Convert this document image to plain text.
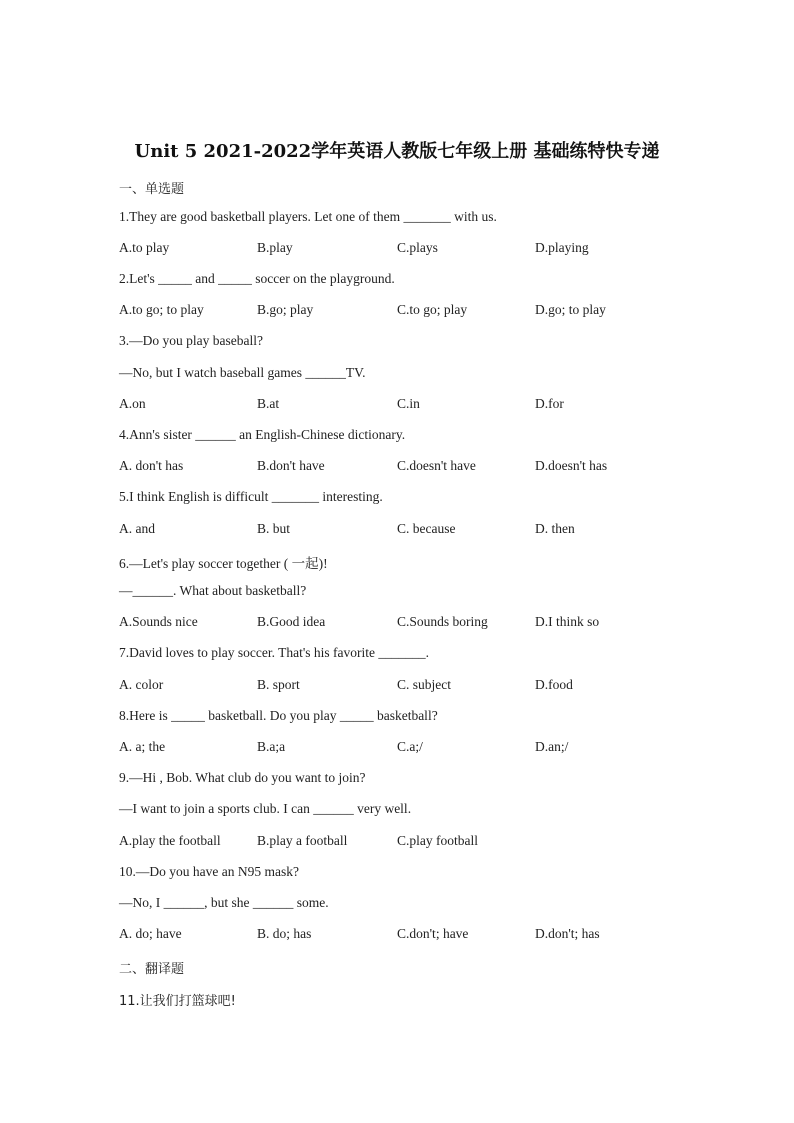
Unit 5 2021-2022学年英语人教版七年级上册 基础练特快专递
一、单选题
1.They are good basketball players. Let one of them _______ with us.
A.to play	B.play	C.plays	D.playing
2.Let's _____ and _____ soccer on the playground.
A.to go; to play	B.go; play	C.to go; play	D.go; to play
3.—Do you play baseball?
—No, but I watch baseball games ______TV.
A.on	B.at	C.in	D.for
4.Ann's sister ______ an English-Chinese dictionary.
A. don't has	B.don't have	C.doesn't have	D.doesn't has
5.I think English is difficult _______ interesting.
A. and	B. but	C. because	D. then
6.—Let's play soccer together ( 一起)!
—______. What about basketball?
A.Sounds nice	B.Good idea	C.Sounds boring	D.I think so
7.David loves to play soccer. That's his favorite _______.
A. color	B. sport	C. subject	D.food
8.Here is _____ basketball. Do you play _____ basketball?
A. a; the	B.a;a	C.a;/	D.an;/
9.—Hi , Bob. What club do you want to join?
—I want to join a sports club. I can ______ very well.
A.play the football	B.play a football	C.play football
10.—Do you have an N95 mask?
—No, I ______, but she ______ some.
A. do; have	B. do; has	C.don't; have	D.don't; has
二、翻译题
11.让我们打篮球吧!
